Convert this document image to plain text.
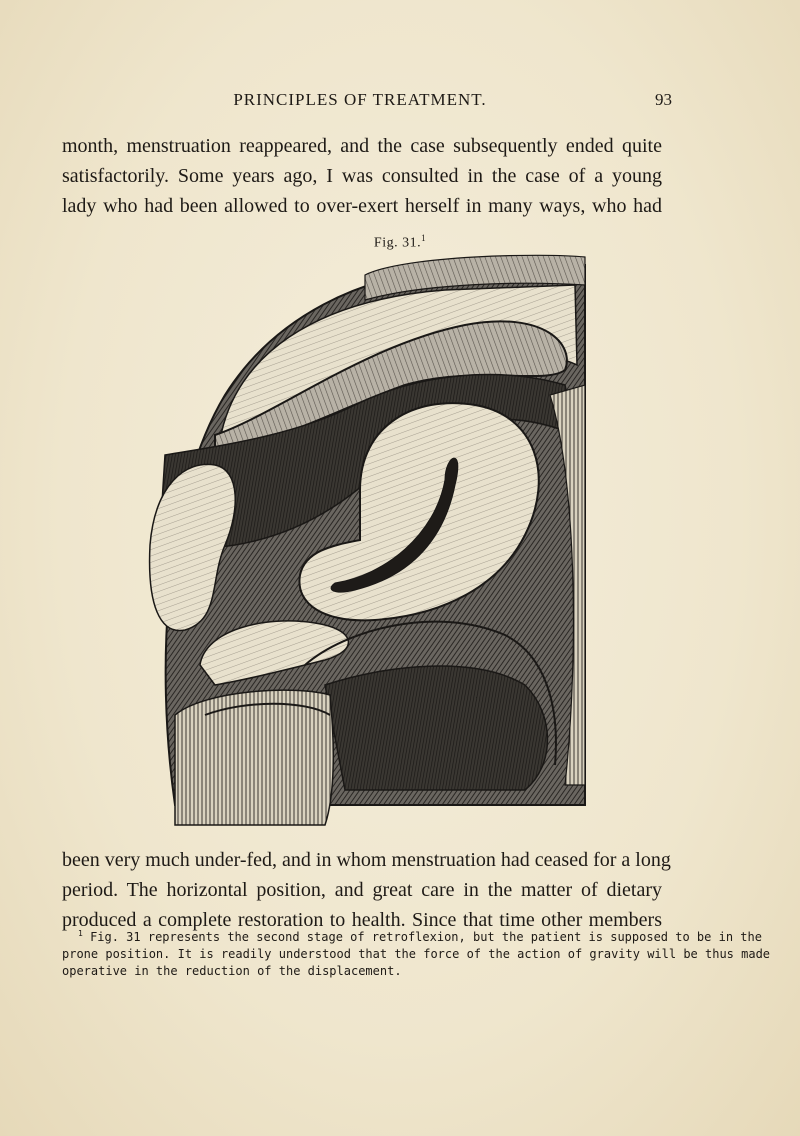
PRINCIPLES OF TREATMENT.	93
month, menstruation reappeared, and the case subsequently ended quite
satisfactorily. Some years ago, I was consulted in the case of a young
lady who had been allowed to over-exert herself in many ways, who had
Fig. 31.$^1$
been very much under-fed, and in whom menstruation had ceased for a long
period. The horizontal position, and great care in the matter of dietary
produced a complete restoration to health. Since that time other members
$^1$ Fig. 31 represents the second stage of retroflexion, but the patient is supposed to be in the
prone position. It is readily understood that the force of the action of gravity will be thus made
operative in the reduction of the displacement.
